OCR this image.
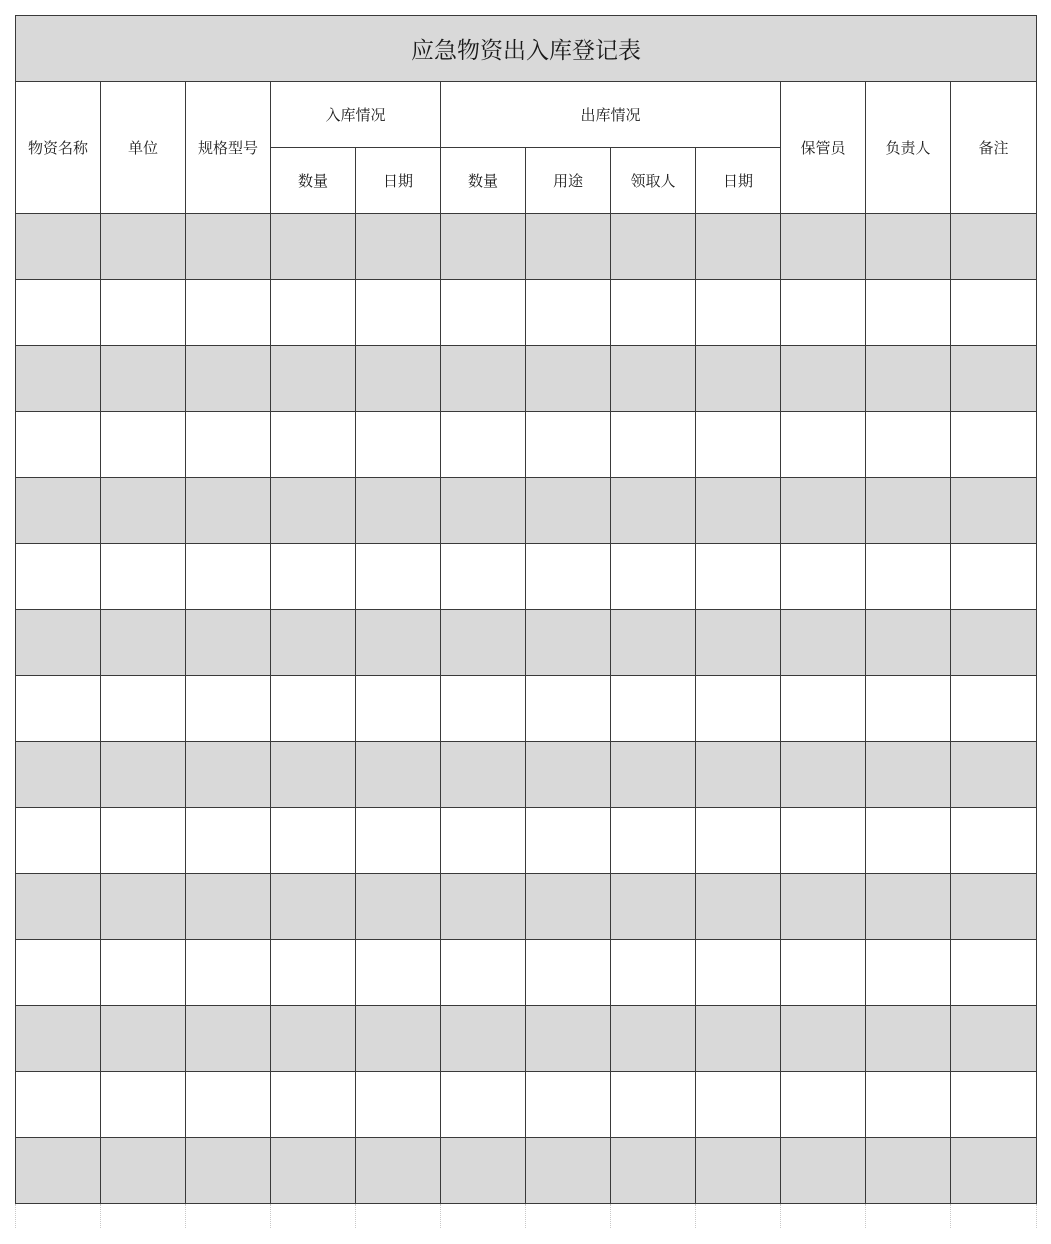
应急物资出入库登记表											
物资名称	单位	规格型号	入库情况		出库情况				保管员	负责人	备注
			数量	日期	数量	用途	领取人	日期			
